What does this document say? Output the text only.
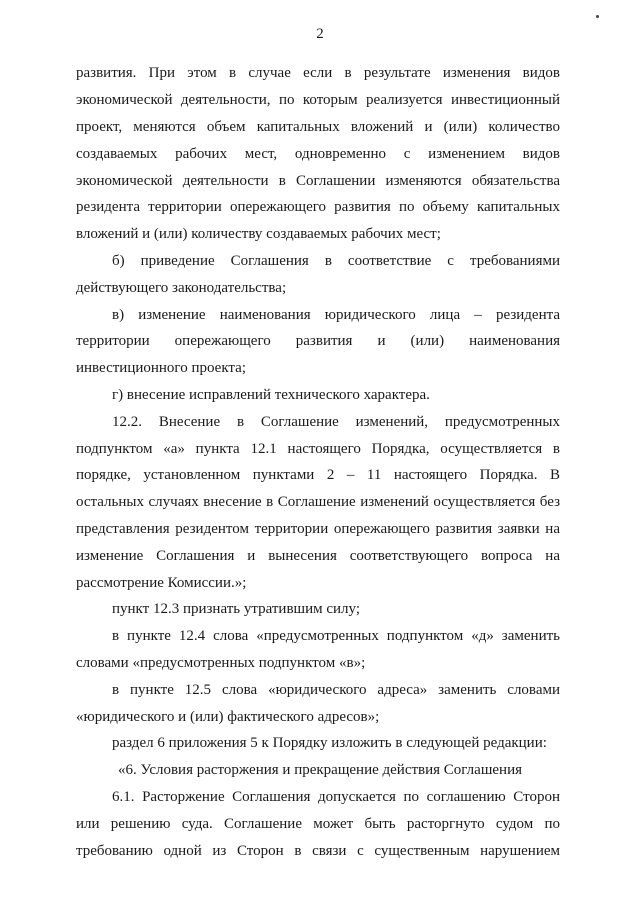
2
развития. При этом в случае если в результате изменения видов
экономической деятельности, по которым реализуется инвестиционный
проект, меняются объем капитальных вложений и (или) количество
создаваемых рабочих мест, одновременно с изменением видов
экономической деятельности в Соглашении изменяются обязательства
резидента территории опережающего развития по объему капитальных
вложений и (или) количеству создаваемых рабочих мест;
б) приведение Соглашения в соответствие с требованиями
действующего законодательства;
в) изменение наименования юридического лица – резидента
территории опережающего развития и (или) наименования
инвестиционного проекта;
г) внесение исправлений технического характера.
12.2. Внесение в Соглашение изменений, предусмотренных
подпунктом «а» пункта 12.1 настоящего Порядка, осуществляется в
порядке, установленном пунктами 2 – 11 настоящего Порядка. В
остальных случаях внесение в Соглашение изменений осуществляется без
представления резидентом территории опережающего развития заявки на
изменение Соглашения и вынесения соответствующего вопроса на
рассмотрение Комиссии.»;
пункт 12.3 признать утратившим силу;
в пункте 12.4 слова «предусмотренных подпунктом «д» заменить
словами «предусмотренных подпунктом «в»;
в пункте 12.5 слова «юридического адреса» заменить словами
«юридического и (или) фактического адресов»;
раздел 6 приложения 5 к Порядку изложить в следующей редакции:
«6. Условия расторжения и прекращение действия Соглашения
6.1. Расторжение Соглашения допускается по соглашению Сторон
или решению суда. Соглашение может быть расторгнуто судом по
требованию одной из Сторон в связи с существенным нарушением
